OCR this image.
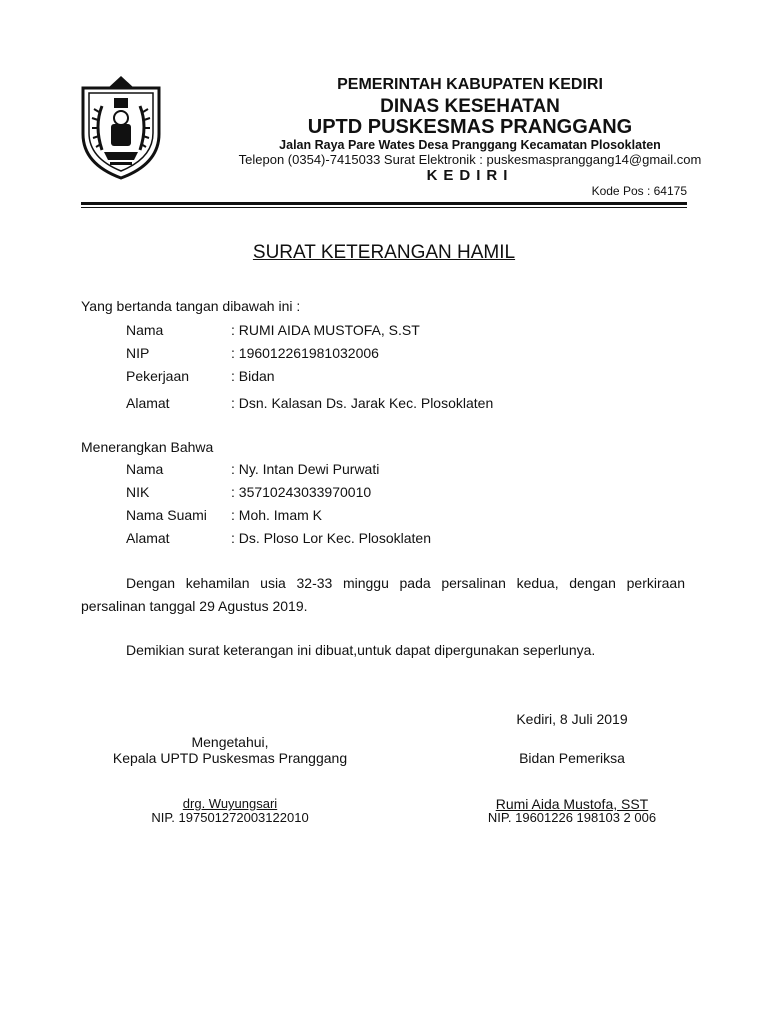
PEMERINTAH KABUPATEN KEDIRI
DINAS KESEHATAN
UPTD PUSKESMAS PRANGGANG
Jalan Raya Pare Wates Desa Pranggang Kecamatan Plosoklaten
Telepon (0354)-7415033 Surat Elektronik : puskesmaspranggang14@gmail.com
KEDIRI
Kode Pos : 64175
SURAT KETERANGAN HAMIL
Yang bertanda tangan dibawah ini :
Nama	: RUMI AIDA MUSTOFA, S.ST
NIP	: 196012261981032006
Pekerjaan	: Bidan
Alamat	: Dsn. Kalasan Ds. Jarak Kec. Plosoklaten
Menerangkan Bahwa
Nama	: Ny. Intan Dewi Purwati
NIK	: 35710243033970010
Nama Suami : Moh. Imam K
Alamat	: Ds. Ploso Lor Kec. Plosoklaten
Dengan kehamilan usia 32-33 minggu pada persalinan kedua, dengan perkiraan persalinan tanggal 29 Agustus 2019.
Demikian surat keterangan ini dibuat,untuk dapat dipergunakan seperlunya.
Kediri, 8 Juli 2019
Mengetahui,
Kepala UPTD Puskesmas Pranggang	Bidan Pemeriksa
drg. Wuyungsari	Rumi Aida Mustofa, SST
NIP. 197501272003122010	NIP. 19601226 198103 2 006
